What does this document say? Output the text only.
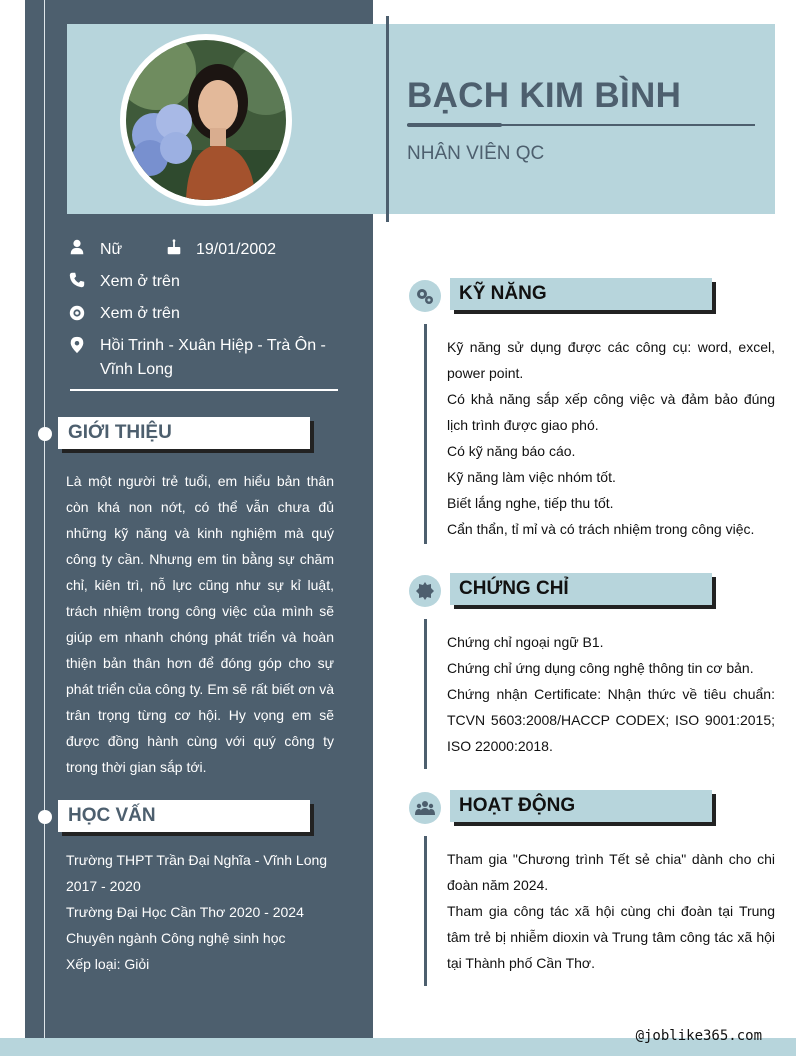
BẠCH KIM BÌNH
NHÂN VIÊN QC
Nữ	19/01/2002
Xem ở trên
Xem ở trên
Hồi Trinh - Xuân Hiệp - Trà Ôn - Vĩnh Long
GIỚI THIỆU
Là một người trẻ tuổi, em hiểu bản thân còn khá non nớt, có thể vẫn chưa đủ những kỹ năng và kinh nghiệm mà quý công ty cần. Nhưng em tin bằng sự chăm chỉ, kiên trì, nỗ lực cũng như sự kỉ luật, trách nhiệm trong công việc của mình sẽ giúp em nhanh chóng phát triển và hoàn thiện bản thân hơn để đóng góp cho sự phát triển của công ty. Em sẽ rất biết ơn và trân trọng từng cơ hội. Hy vọng em sẽ được đồng hành cùng với quý công ty trong thời gian sắp tới.
HỌC VẤN
Trường THPT Trần Đại Nghĩa - Vĩnh Long
2017 - 2020
Trường Đại Học Cần Thơ 2020 - 2024
Chuyên ngành Công nghệ sinh học
Xếp loại: Giỏi
KỸ NĂNG
Kỹ năng sử dụng được các công cụ: word, excel, power point.
Có khả năng sắp xếp công việc và đảm bảo đúng lịch trình được giao phó.
Có kỹ năng báo cáo.
Kỹ năng làm việc nhóm tốt.
Biết lắng nghe, tiếp thu tốt.
Cẩn thẩn, tỉ mỉ và có trách nhiệm trong công việc.
CHỨNG CHỈ
Chứng chỉ ngoại ngữ B1.
Chứng chỉ ứng dụng công nghệ thông tin cơ bản.
Chứng nhận Certificate: Nhận thức về tiêu chuẩn: TCVN 5603:2008/HACCP CODEX; ISO 9001:2015; ISO 22000:2018.
HOẠT ĐỘNG
Tham gia "Chương trình Tết sẻ chia" dành cho chi đoàn năm 2024.
Tham gia công tác xã hội cùng chi đoàn tại Trung tâm trẻ bị nhiễm dioxin và Trung tâm công tác xã hội tại Thành phố Cần Thơ.
@joblike365.com
